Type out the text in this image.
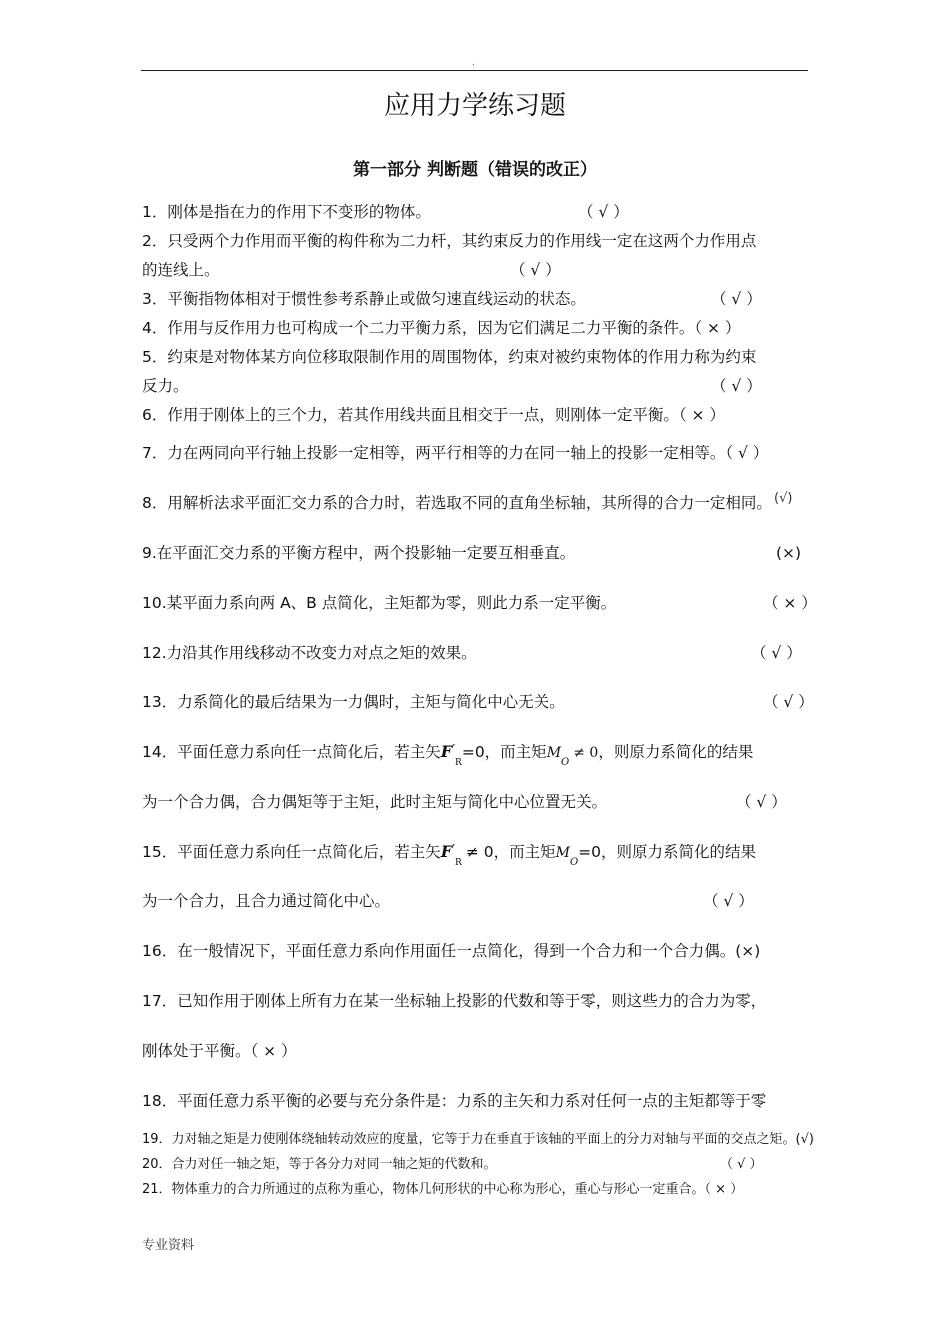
.
应用力学练习题
第一部分 判断题（错误的改正）
1．刚体是指在力的作用下不变形的物体。	（ √ ）
2．只受两个力作用而平衡的构件称为二力杆，其约束反力的作用线一定在这两个力作用点
的连线上。	（ √ ）
3．平衡指物体相对于惯性参考系静止或做匀速直线运动的状态。	（ √ ）
4．作用与反作用力也可构成一个二力平衡力系，因为它们满足二力平衡的条件。（ × ）
5．约束是对物体某方向位移取限制作用的周围物体，约束对被约束物体的作用力称为约束
反力。	（ √ ）
6．作用于刚体上的三个力，若其作用线共面且相交于一点，则刚体一定平衡。（ × ）
7．力在两同向平行轴上投影一定相等，两平行相等的力在同一轴上的投影一定相等。（ √ ）
8．用解析法求平面汇交力系的合力时，若选取不同的直角坐标轴，其所得的合力一定相同。 (√)
9.在平面汇交力系的平衡方程中，两个投影轴一定要互相垂直。	(×)
10.某平面力系向两 A、B 点简化，主矩都为零，则此力系一定平衡。	（ × ）
12.力沿其作用线移动不改变力对点之矩的效果。	（ √ ）
13．力系简化的最后结果为一力偶时，主矩与简化中心无关。	（ √ ）
14．平面任意力系向任一点简化后，若主矢$F'_R=0$，而主矩$M_O\ne 0$，则原力系简化的结果
为一个合力偶，合力偶矩等于主矩，此时主矩与简化中心位置无关。	（ √ ）
15．平面任意力系向任一点简化后，若主矢$F'_R\ne 0$，而主矩$M_O=0$，则原力系简化的结果
为一个合力，且合力通过简化中心。	（ √ ）
16．在一般情况下，平面任意力系向作用面任一点简化，得到一个合力和一个合力偶。(×)
17．已知作用于刚体上所有力在某一坐标轴上投影的代数和等于零，则这些力的合力为零，
刚体处于平衡。（ × ）
18．平面任意力系平衡的必要与充分条件是：力系的主矢和力系对任何一点的主矩都等于零
19．力对轴之矩是力使刚体绕轴转动效应的度量，它等于力在垂直于该轴的平面上的分力对轴与平面的交点之矩。(√)
20．合力对任一轴之矩，等于各分力对同一轴之矩的代数和。	（ √ ）
21．物体重力的合力所通过的点称为重心，物体几何形状的中心称为形心，重心与形心一定重合。（ × ）
专业资料
